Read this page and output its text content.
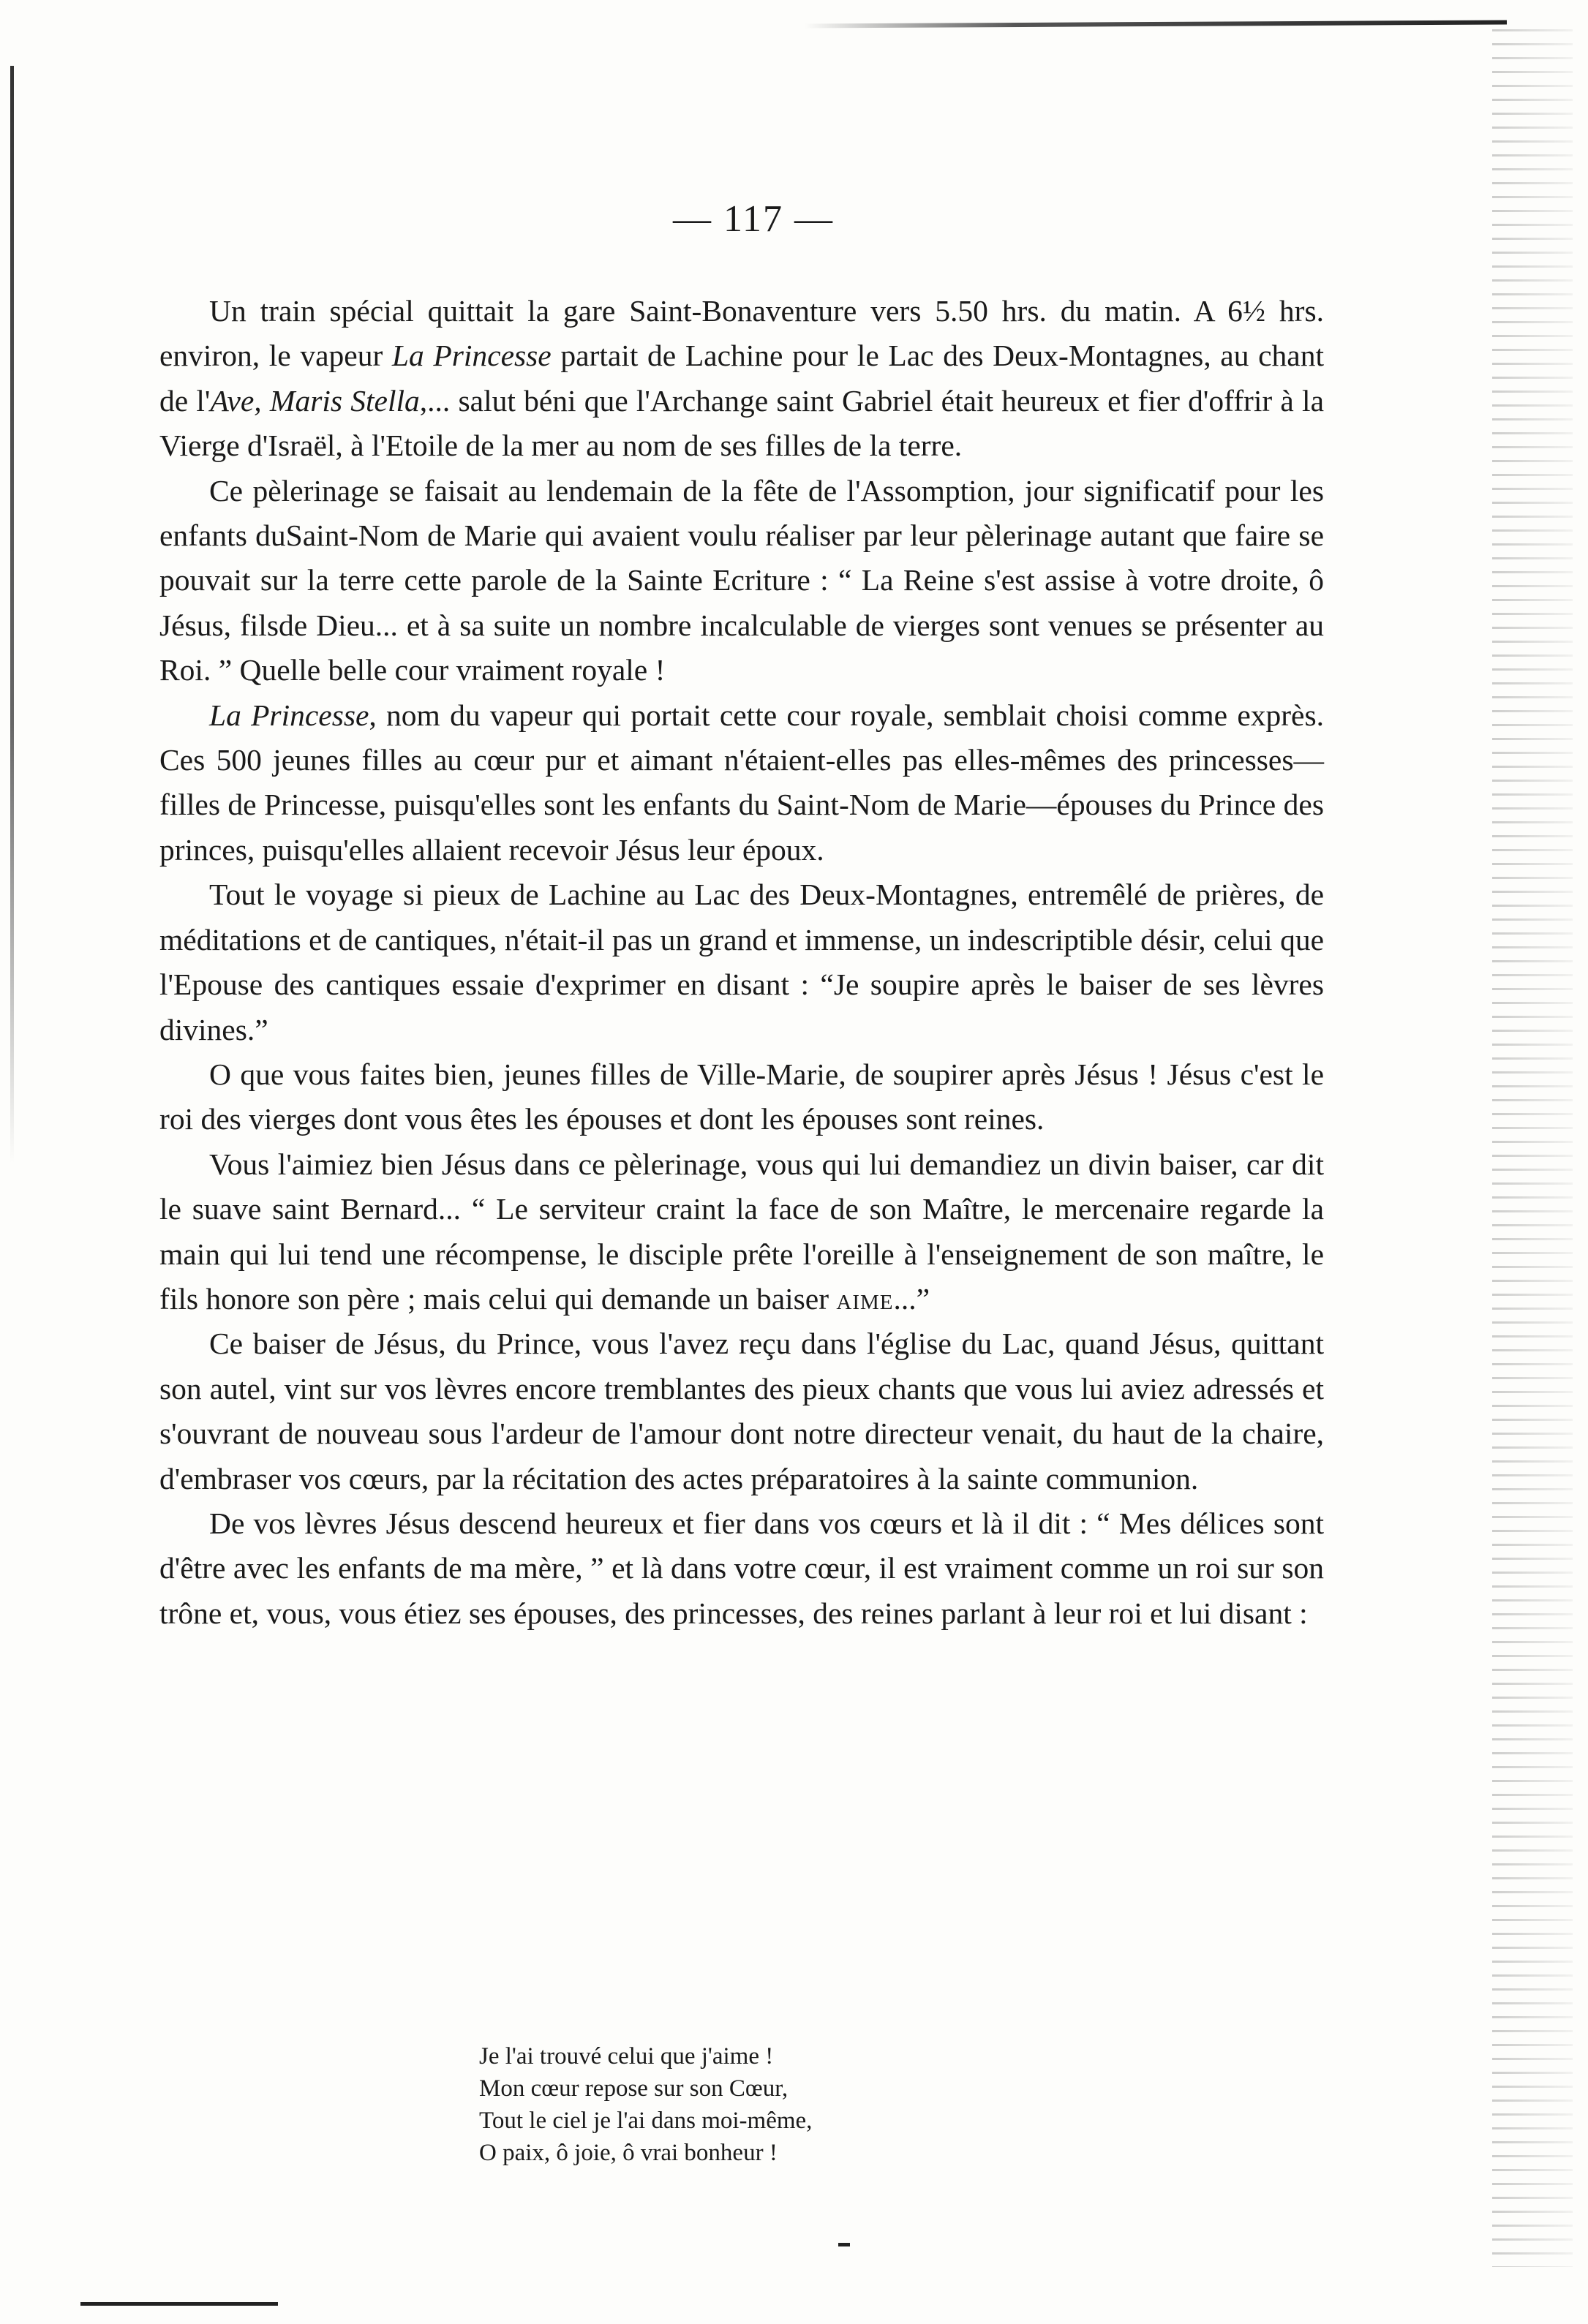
— 117 —

Un train spécial quittait la gare Saint-Bonaventure vers 5.50 hrs. du matin. A 6½ hrs. environ, le vapeur La Princesse partait de Lachine pour le Lac des Deux-Montagnes, au chant de l'Ave, Maris Stella,... salut béni que l'Archange saint Gabriel était heureux et fier d'offrir à la Vierge d'Israël, à l'Etoile de la mer au nom de ses filles de la terre.

Ce pèlerinage se faisait au lendemain de la fête de l'Assomption, jour significatif pour les enfants duSaint-Nom de Marie qui avaient voulu réaliser par leur pèlerinage autant que faire se pouvait sur la terre cette parole de la Sainte Ecriture : “ La Reine s'est assise à votre droite, ô Jésus, filsde Dieu... et à sa suite un nombre incalculable de vierges sont venues se présenter au Roi. ” Quelle belle cour vraiment royale !

La Princesse, nom du vapeur qui portait cette cour royale, semblait choisi comme exprès. Ces 500 jeunes filles au cœur pur et aimant n'étaient-elles pas elles-mêmes des princesses—filles de Princesse, puisqu'elles sont les enfants du Saint-Nom de Marie—épouses du Prince des princes, puisqu'elles allaient recevoir Jésus leur époux.

Tout le voyage si pieux de Lachine au Lac des Deux-Montagnes, entremêlé de prières, de méditations et de cantiques, n'était-il pas un grand et immense, un indescriptible désir, celui que l'Epouse des cantiques essaie d'exprimer en disant : “Je soupire après le baiser de ses lèvres divines.”

O que vous faites bien, jeunes filles de Ville-Marie, de soupirer après Jésus ! Jésus c'est le roi des vierges dont vous êtes les épouses et dont les épouses sont reines.

Vous l'aimiez bien Jésus dans ce pèlerinage, vous qui lui demandiez un divin baiser, car dit le suave saint Bernard... “ Le serviteur craint la face de son Maître, le mercenaire regarde la main qui lui tend une récompense, le disciple prête l'oreille à l'enseignement de son maître, le fils honore son père ; mais celui qui demande un baiser aime...”

Ce baiser de Jésus, du Prince, vous l'avez reçu dans l'église du Lac, quand Jésus, quittant son autel, vint sur vos lèvres encore tremblantes des pieux chants que vous lui aviez adressés et s'ouvrant de nouveau sous l'ardeur de l'amour dont notre directeur venait, du haut de la chaire, d'embraser vos cœurs, par la récitation des actes préparatoires à la sainte communion.

De vos lèvres Jésus descend heureux et fier dans vos cœurs et là il dit : “ Mes délices sont d'être avec les enfants de ma mère, ” et là dans votre cœur, il est vraiment comme un roi sur son trône et, vous, vous étiez ses épouses, des princesses, des reines parlant à leur roi et lui disant :

Je l'ai trouvé celui que j'aime !
Mon cœur repose sur son Cœur,
Tout le ciel je l'ai dans moi-même,
O paix, ô joie, ô vrai bonheur !
